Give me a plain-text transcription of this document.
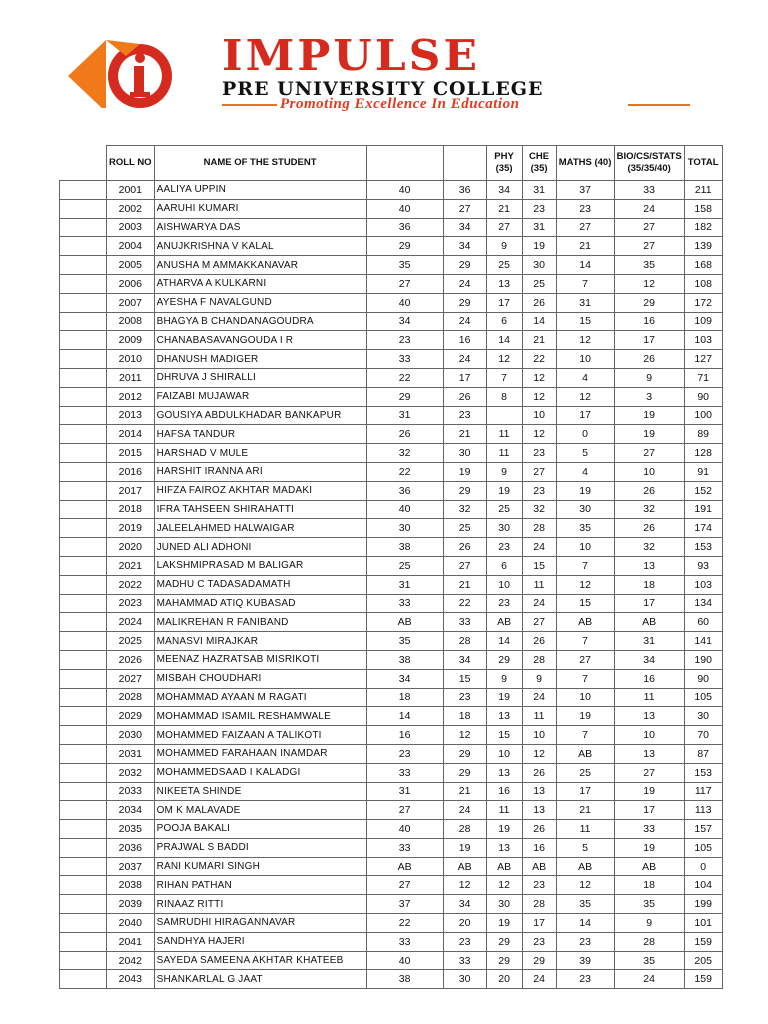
IMPULSE
PRE UNIVERSITY COLLEGE
Promoting Excellence In Education
	ROLL NO	NAME OF THE STUDENT			PHY (35)	CHE (35)	MATHS (40)	BIO/CS/STATS (35/35/40)	TOTAL
	2001	AALIYA UPPIN	40	36	34	31	37	33	211
	2002	AARUHI KUMARI	40	27	21	23	23	24	158
	2003	AISHWARYA DAS	36	34	27	31	27	27	182
	2004	ANUJKRISHNA V KALAL	29	34	9	19	21	27	139
	2005	ANUSHA M AMMAKKANAVAR	35	29	25	30	14	35	168
	2006	ATHARVA A KULKARNI	27	24	13	25	7	12	108
	2007	AYESHA F NAVALGUND	40	29	17	26	31	29	172
	2008	BHAGYA B CHANDANAGOUDRA	34	24	6	14	15	16	109
	2009	CHANABASAVANGOUDA I R	23	16	14	21	12	17	103
	2010	DHANUSH MADIGER	33	24	12	22	10	26	127
	2011	DHRUVA J SHIRALLI	22	17	7	12	4	9	71
	2012	FAIZABI MUJAWAR	29	26	8	12	12	3	90
	2013	GOUSIYA ABDULKHADAR BANKAPUR	31	23		10	17	19	100
	2014	HAFSA TANDUR	26	21	11	12	0	19	89
	2015	HARSHAD V MULE	32	30	11	23	5	27	128
	2016	HARSHIT IRANNA ARI	22	19	9	27	4	10	91
	2017	HIFZA FAIROZ AKHTAR MADAKI	36	29	19	23	19	26	152
	2018	IFRA TAHSEEN SHIRAHATTI	40	32	25	32	30	32	191
	2019	JALEELAHMED HALWAIGAR	30	25	30	28	35	26	174
	2020	JUNED ALI ADHONI	38	26	23	24	10	32	153
	2021	LAKSHMIPRASAD M BALIGAR	25	27	6	15	7	13	93
	2022	MADHU C TADASADAMATH	31	21	10	11	12	18	103
	2023	MAHAMMAD ATIQ KUBASAD	33	22	23	24	15	17	134
	2024	MALIKREHAN R FANIBAND	AB	33	AB	27	AB	AB	60
	2025	MANASVI MIRAJKAR	35	28	14	26	7	31	141
	2026	MEENAZ HAZRATSAB MISRIKOTI	38	34	29	28	27	34	190
	2027	MISBAH CHOUDHARI	34	15	9	9	7	16	90
	2028	MOHAMMAD AYAAN M RAGATI	18	23	19	24	10	11	105
	2029	MOHAMMAD ISAMIL RESHAMWALE	14	18	13	11	19	13	30
	2030	MOHAMMED FAIZAAN A TALIKOTI	16	12	15	10	7	10	70
	2031	MOHAMMED FARAHAAN INAMDAR	23	29	10	12	AB	13	87
	2032	MOHAMMEDSAAD I KALADGI	33	29	13	26	25	27	153
	2033	NIKEETA SHINDE	31	21	16	13	17	19	117
	2034	OM K MALAVADE	27	24	11	13	21	17	113
	2035	POOJA BAKALI	40	28	19	26	11	33	157
	2036	PRAJWAL S BADDI	33	19	13	16	5	19	105
	2037	RANI KUMARI SINGH	AB	AB	AB	AB	AB	AB	0
	2038	RIHAN PATHAN	27	12	12	23	12	18	104
	2039	RINAAZ RITTI	37	34	30	28	35	35	199
	2040	SAMRUDHI HIRAGANNAVAR	22	20	19	17	14	9	101
	2041	SANDHYA HAJERI	33	23	29	23	23	28	159
	2042	SAYEDA SAMEENA AKHTAR KHATEEB	40	33	29	29	39	35	205
	2043	SHANKARLAL G JAAT	38	30	20	24	23	24	159
